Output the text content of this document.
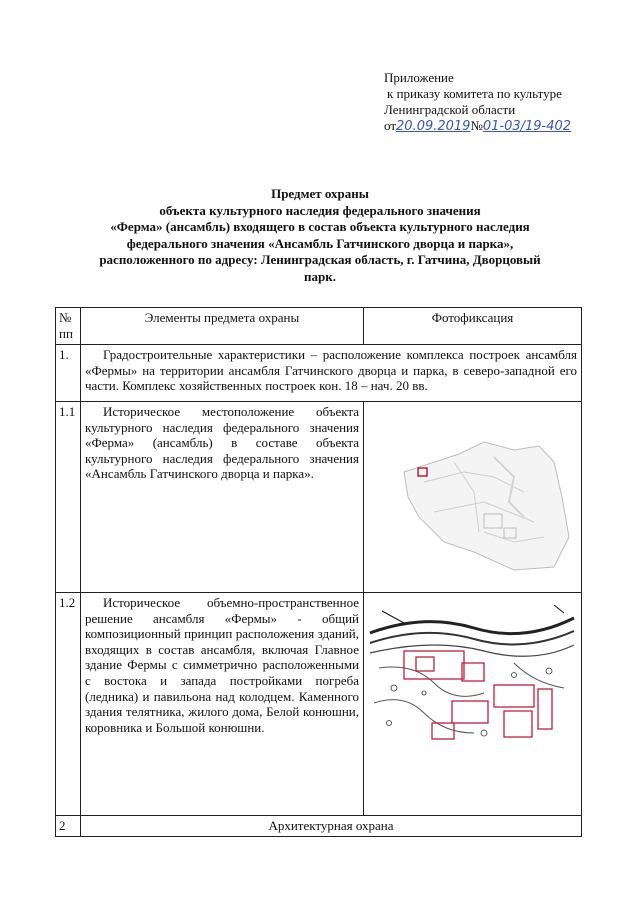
Приложение
к приказу комитета по культуре
Ленинградской области
от20.09.2019№01-03/19-402
Предмет охраны
объекта культурного наследия федерального значения
«Ферма» (ансамбль) входящего в состав объекта культурного наследия
федерального значения «Ансамбль Гатчинского дворца и парка»,
расположенного по адресу: Ленинградская область, г. Гатчина, Дворцовый
парк.
№ пп	Элементы предмета охраны	Фотофиксация
1.	Градостроительные характеристики – расположение комплекса построек ансамбля «Фермы» на территории ансамбля Гатчинского дворца и парка, в северо-западной его части. Комплекс хозяйственных построек кон. 18 – нач. 20 вв.	
1.1	Историческое местоположение объекта культурного наследия федерального значения «Ферма» (ансамбль) в составе объекта культурного наследия федерального значения «Ансамбль Гатчинского дворца и парка».	

1.2	Историческое объемно-пространственное решение ансамбля «Фермы» - общий композиционный принцип расположения зданий, входящих в состав ансамбля, включая Главное здание Фермы с симметрично расположенными с востока и запада постройками погреба (ледника) и павильона над колодцем. Каменного здания телятника, жилого дома, Белой конюшни, коровника и Большой конюшни.	

2	Архитектурная охрана	
